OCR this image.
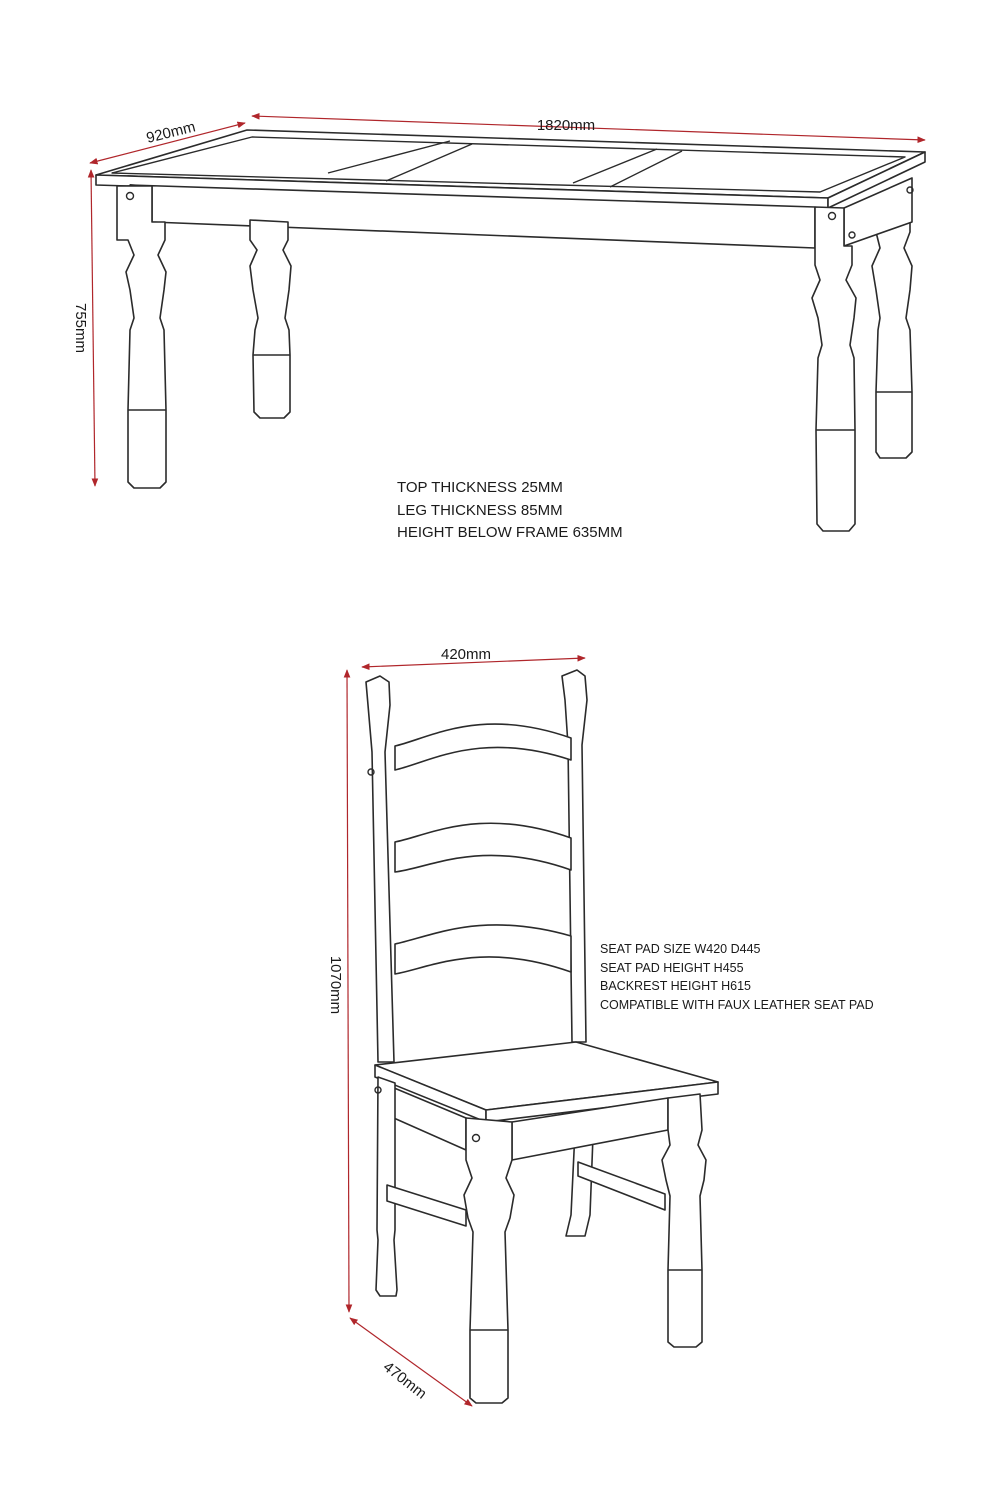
1820mm
920mm
755mm
420mm
1070mm
470mm
TOP THICKNESS 25MM
LEG THICKNESS 85MM
HEIGHT BELOW FRAME 635MM
SEAT PAD SIZE W420 D445
SEAT PAD HEIGHT H455
BACKREST HEIGHT H615
COMPATIBLE WITH FAUX LEATHER SEAT PAD
